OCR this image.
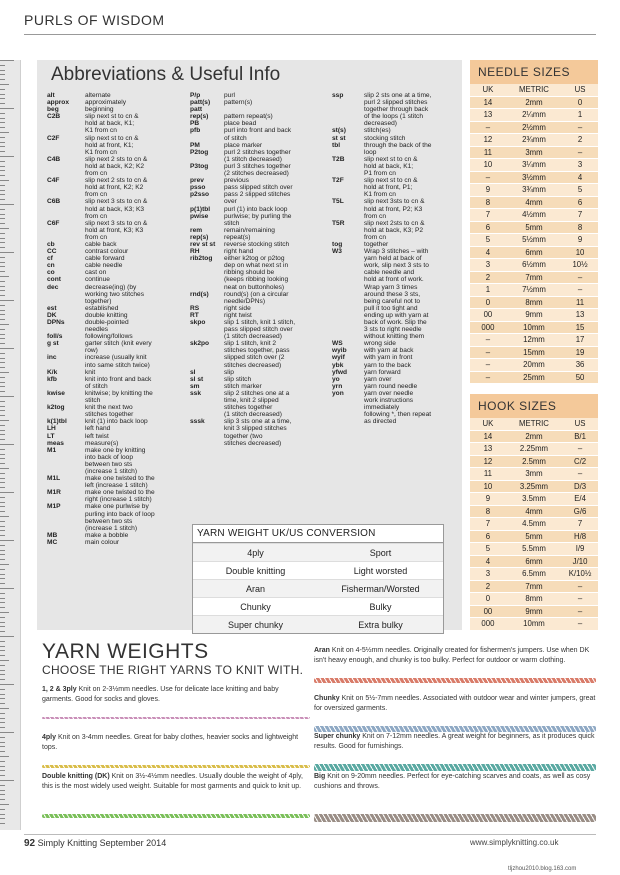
PURLS OF WISDOM
Abbreviations & Useful Info
alt	alternate
approx	approximately
beg	beginning
C2B	slip next st to cn &
hold at back, K1;
K1 from cn
C2F	slip next st to cn &
hold at front, K1;
K1 from cn
C4B	slip next 2 sts to cn &
hold at back, K2; K2
from cn
C4F	slip next 2 sts to cn &
hold at front, K2; K2
from cn
C6B	slip next 3 sts to cn &
hold at back, K3; K3
from cn
C6F	slip next 3 sts to cn &
hold at front, K3; K3
from cn
cb	cable back
CC	contrast colour
cf	cable forward
cn	cable needle
co	cast on
cont	continue
dec	decrease(ing) (by
working two stitches
together)
est	established
DK	double knitting
DPNs	double-pointed
needles
foll/s	following/follows
g st	garter stitch (knit every
row)
inc	increase (usually knit
into same stitch twice)
K/k	knit
kfb	knit into front and back
of stitch
kwise	knitwise; by knitting the
stitch
k2tog	knit the next two
stitches together
k(1)tbl	knit (1) into back loop
LH	left hand
LT	left twist
meas	measure(s)
M1	make one by knitting
into back of loop
between two sts
(increase 1 stitch)
M1L	make one twisted to the
left (increase 1 stitch)
M1R	make one twisted to the
right (increase 1 stitch)
M1P	make one purlwise by
purling into back of loop
between two sts
(increase 1 stitch)
MB	make a bobble
MC	main colour
P/p	purl
patt(s)	pattern(s)
patt
rep(s)	pattern repeat(s)
PB	place bead
pfb	purl into front and back
of stitch
PM	place marker
P2tog	purl 2 stitches together
(1 stitch decreased)
P3tog	purl 3 stitches together
(2 stitches decreased)
prev	previous
psso	pass slipped stitch over
p2sso	pass 2 slipped stitches
over
p(1)tbl	purl (1) into back loop
pwise	purlwise; by purling the
stitch
rem	remain/remaining
rep(s)	repeat(s)
rev st st	reverse stocking stitch
RH	right hand
rib2tog	either k2tog or p2tog
dep on what next st in
ribbing should be
(keeps ribbing looking
neat on buttonholes)
rnd(s)	round(s) (on a circular
needle/DPNs)
RS	right side
RT	right twist
skpo	slip 1 stitch, knit 1 stitch,
pass slipped stitch over
(1 stitch decreased)
sk2po	slip 1 stitch, knit 2
stitches together, pass
slipped stitch over (2
stitches decreased)
sl	slip
sl st	slip stitch
sm	stitch marker
ssk	slip 2 stitches one at a
time, knit 2 slipped
stitches together
(1 stitch decreased)
sssk	slip 3 sts one at a time,
knit 3 slipped stitches
together (two
stitches decreased)
ssp	slip 2 sts one at a time,
purl 2 slipped stitches
together through back
of the loops (1 stitch
decreased)
st(s)	stitch(es)
st st	stocking stitch
tbl	through the back of the
loop
T2B	slip next st to cn &
hold at back, K1;
P1 from cn
T2F	slip next st to cn &
hold at front, P1;
K1 from cn
T5L	slip next 3sts to cn &
hold at front, P2; K3
from cn
T5R	slip next 2sts to cn &
hold at back, K3; P2
from cn
tog	together
W3	Wrap 3 stitches – with
yarn held at back of
work, slip next 3 sts to
cable needle and
hold at front of work.
Wrap yarn 3 times
around these 3 sts,
being careful not to
pull it too tight and
ending up with yarn at
back of work. Slip the
3 sts to right needle
without knitting them
WS	wrong side
wyib	with yarn at back
wyif	with yarn in front
ybk	yarn to the back
yfwd	yarn forward
yo	yarn over
yrn	yarn round needle
yon	yarn over needle
work instructions
immediately
following *, then repeat
as directed
YARN WEIGHT UK/US CONVERSION
4ply	Sport
Double knitting	Light worsted
Aran	Fisherman/Worsted
Chunky	Bulky
Super chunky	Extra bulky
NEEDLE SIZES
UK	METRIC	US
14	2mm	0
13	2¼mm	1
–	2½mm	–
12	2¾mm	2
11	3mm	–
10	3¼mm	3
–	3½mm	4
9	3¾mm	5
8	4mm	6
7	4½mm	7
6	5mm	8
5	5½mm	9
4	6mm	10
3	6½mm	10½
2	7mm	–
1	7½mm	–
0	8mm	11
00	9mm	13
000	10mm	15
–	12mm	17
–	15mm	19
–	20mm	36
–	25mm	50
HOOK SIZES
UK	METRIC	US
14	2mm	B/1
13	2.25mm	–
12	2.5mm	C/2
11	3mm	–
10	3.25mm	D/3
9	3.5mm	E/4
8	4mm	G/6
7	4.5mm	7
6	5mm	H/8
5	5.5mm	I/9
4	6mm	J/10
3	6.5mm	K/10½
2	7mm	–
0	8mm	–
00	9mm	–
000	10mm	–
YARN WEIGHTS
CHOOSE THE RIGHT YARNS TO KNIT WITH.
1, 2 & 3ply Knit on 2-3½mm needles. Use for delicate lace knitting and baby garments. Good for socks and gloves.
4ply Knit on 3-4mm needles. Great for baby clothes, heavier socks and lightweight tops.
Double knitting (DK) Knit on 3½-4½mm needles. Usually double the weight of 4ply, this is the most widely used weight. Suitable for most garments and quick to knit up.
Aran Knit on 4-5½mm needles. Originally created for fishermen's jumpers. Use when DK isn't heavy enough, and chunky is too bulky. Perfect for outdoor or warm clothing.
Chunky Knit on 5½-7mm needles. Associated with outdoor wear and winter jumpers, great for oversized garments.
Super chunky Knit on 7-12mm needles. A great weight for beginners, as it produces quick results. Good for furnishings.
Big Knit on 9-20mm needles. Perfect for eye-catching scarves and coats, as well as cosy cushions and throws.
92 Simply Knitting September 2014	www.simplyknitting.co.uk
tljzhou2010.blog.163.com
